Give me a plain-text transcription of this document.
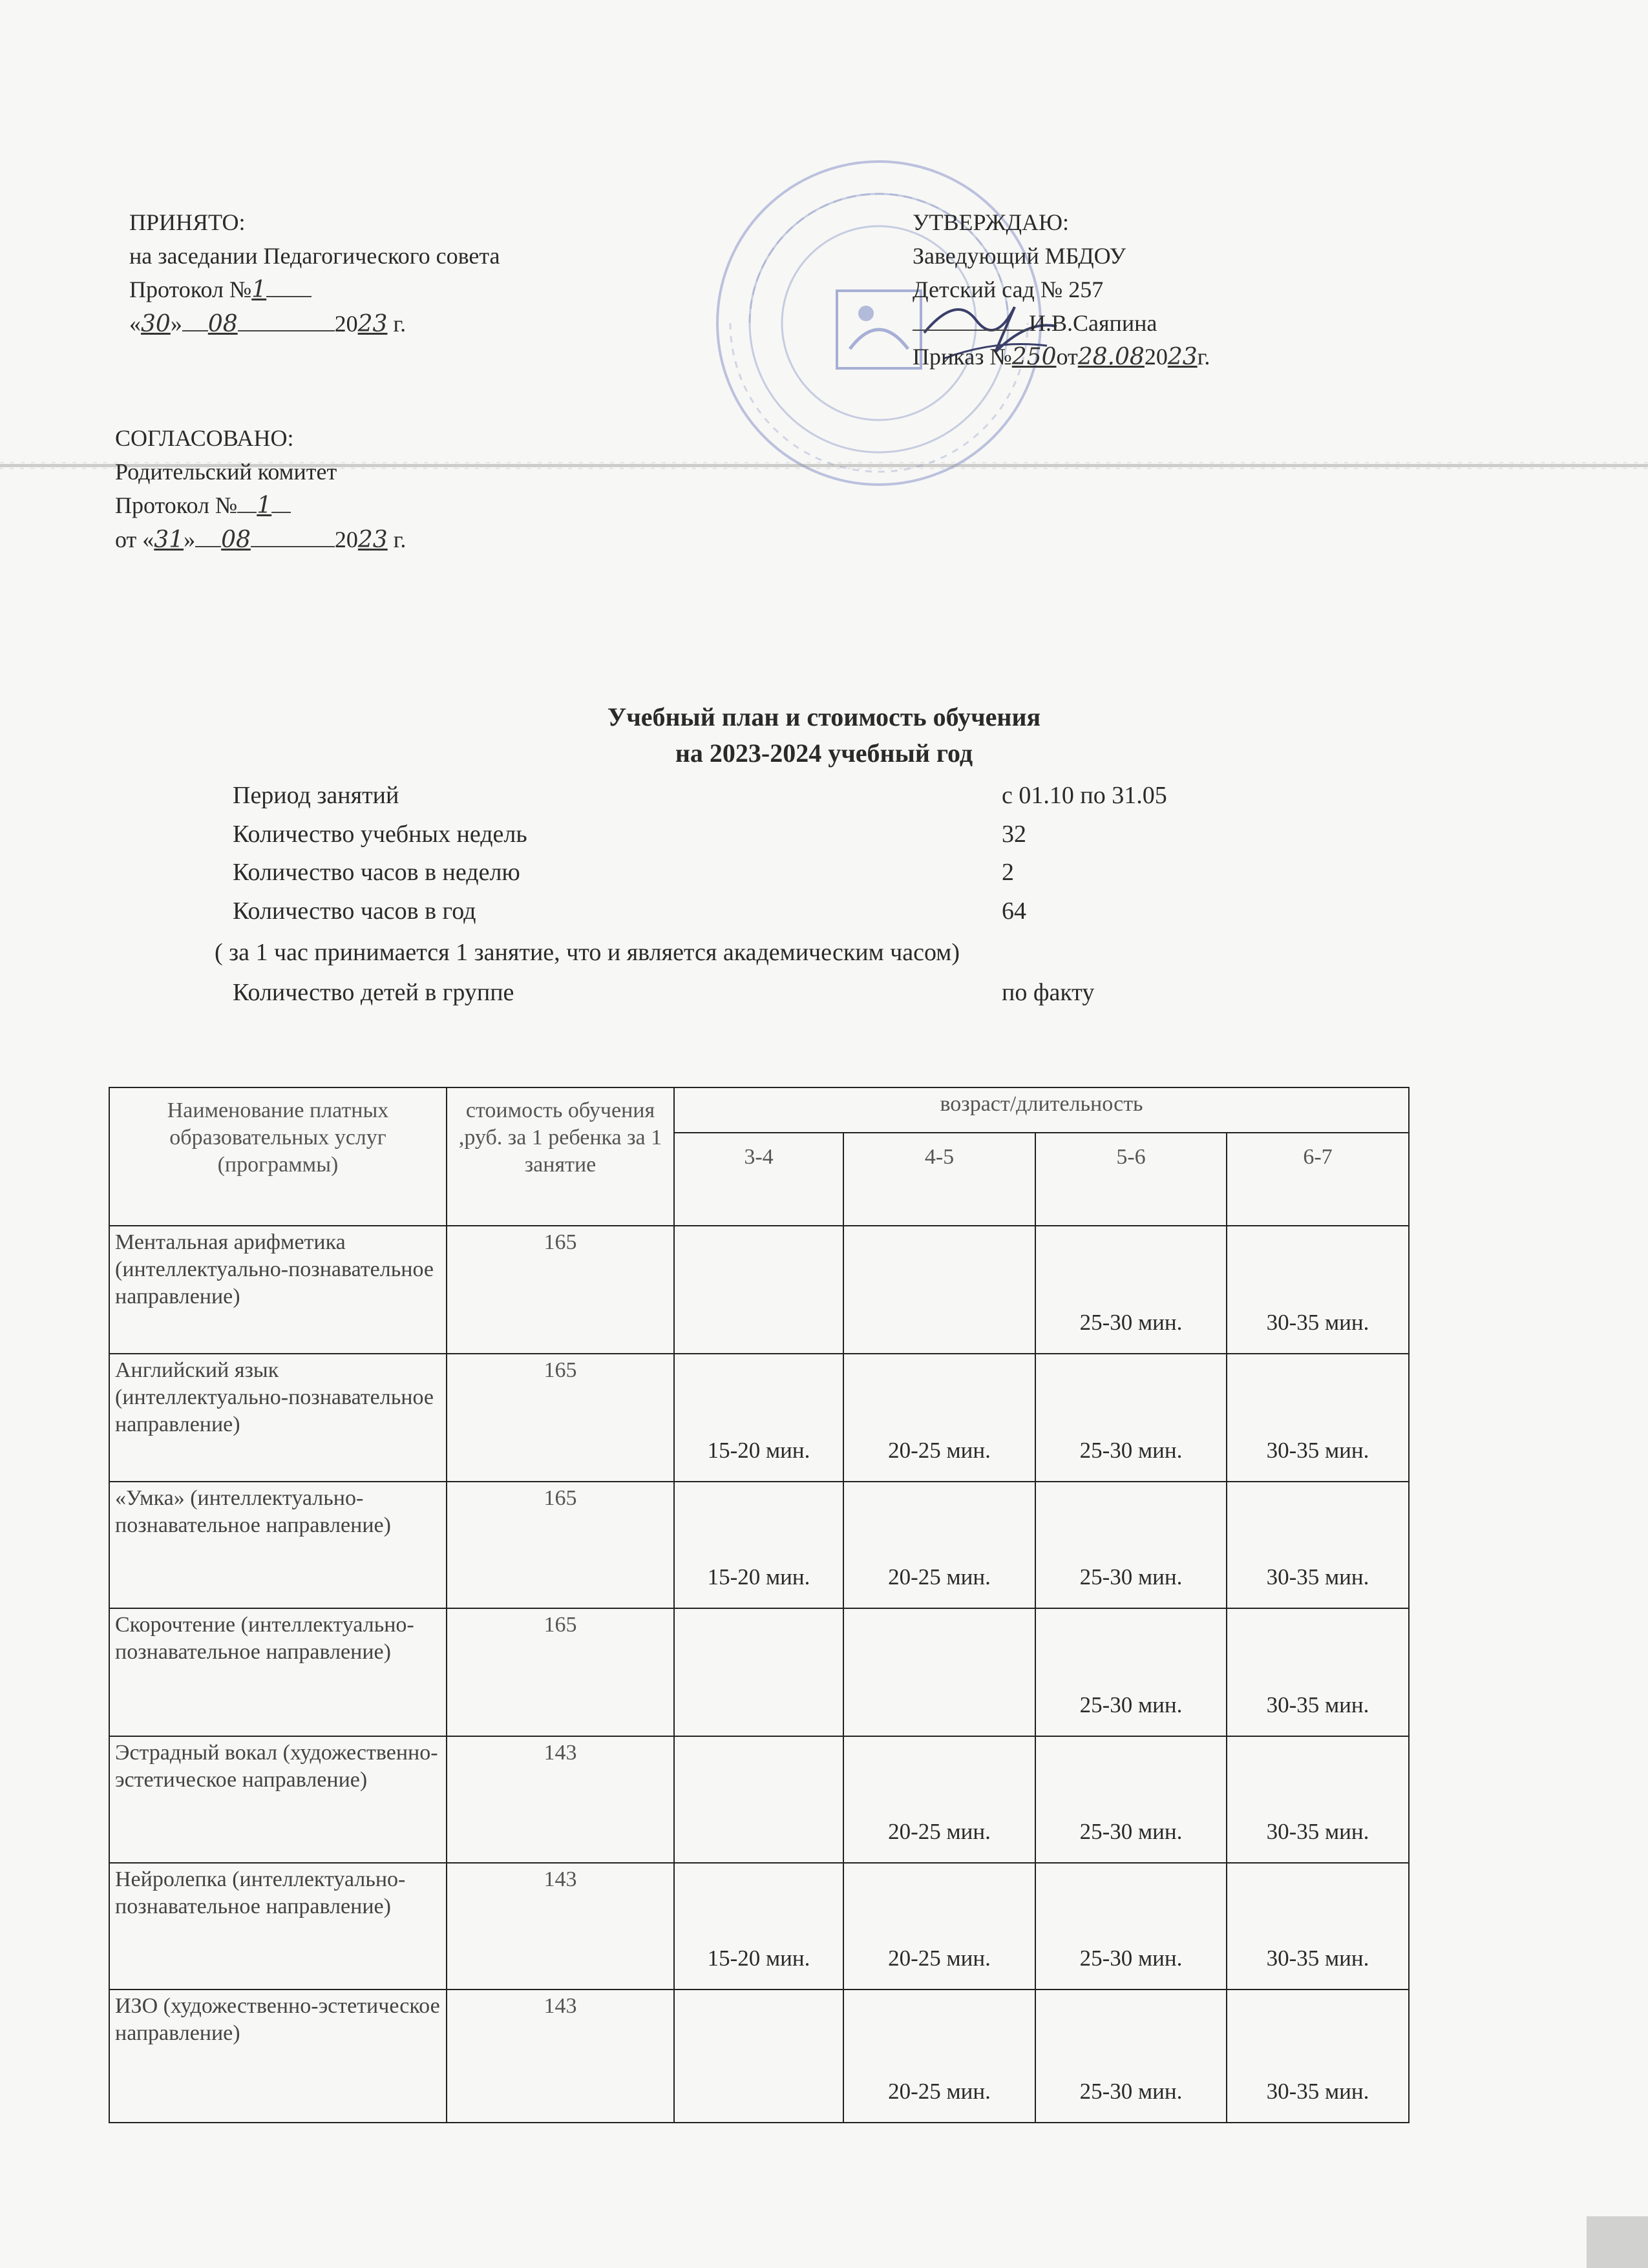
ПРИНЯТО:
на заседании Педагогического совета
Протокол №1
«30» 08	2023 г.
УТВЕРЖДАЮ:
Заведующий МБДОУ
Детский сад № 257
И.В.Саяпина
Приказ №250от28.082023г.
СОГЛАСОВАНО:
Родительский комитет
Протокол № 1
от «31» 08	2023 г.
Учебный план и стоимость обучения
на 2023-2024 учебный год
Период занятий	с 01.10 по 31.05
Количество учебных недель	32
Количество часов в неделю	2
Количество часов в год	64
( за 1 час принимается 1 занятие, что и является академическим часом)
Количество детей в группе	по факту
Наименование платных образовательных услуг (программы)	стоимость обучения ,руб. за 1 ребенка за 1 занятие	возраст/длительность			
		3-4	4-5	5-6	6-7
Ментальная арифметика (интеллектуально-познавательное направление)	165			25-30 мин.	30-35 мин.
Английский язык (интеллектуально-познавательное направление)	165	15-20 мин.	20-25 мин.	25-30 мин.	30-35 мин.
«Умка» (интеллектуально-познавательное направление)	165	15-20 мин.	20-25 мин.	25-30 мин.	30-35 мин.
Скорочтение (интеллектуально-познавательное направление)	165			25-30 мин.	30-35 мин.
Эстрадный вокал (художественно-эстетическое направление)	143		20-25 мин.	25-30 мин.	30-35 мин.
Нейролепка (интеллектуально-познавательное направление)	143	15-20 мин.	20-25 мин.	25-30 мин.	30-35 мин.
ИЗО (художественно-эстетическое направление)	143		20-25 мин.	25-30 мин.	30-35 мин.
